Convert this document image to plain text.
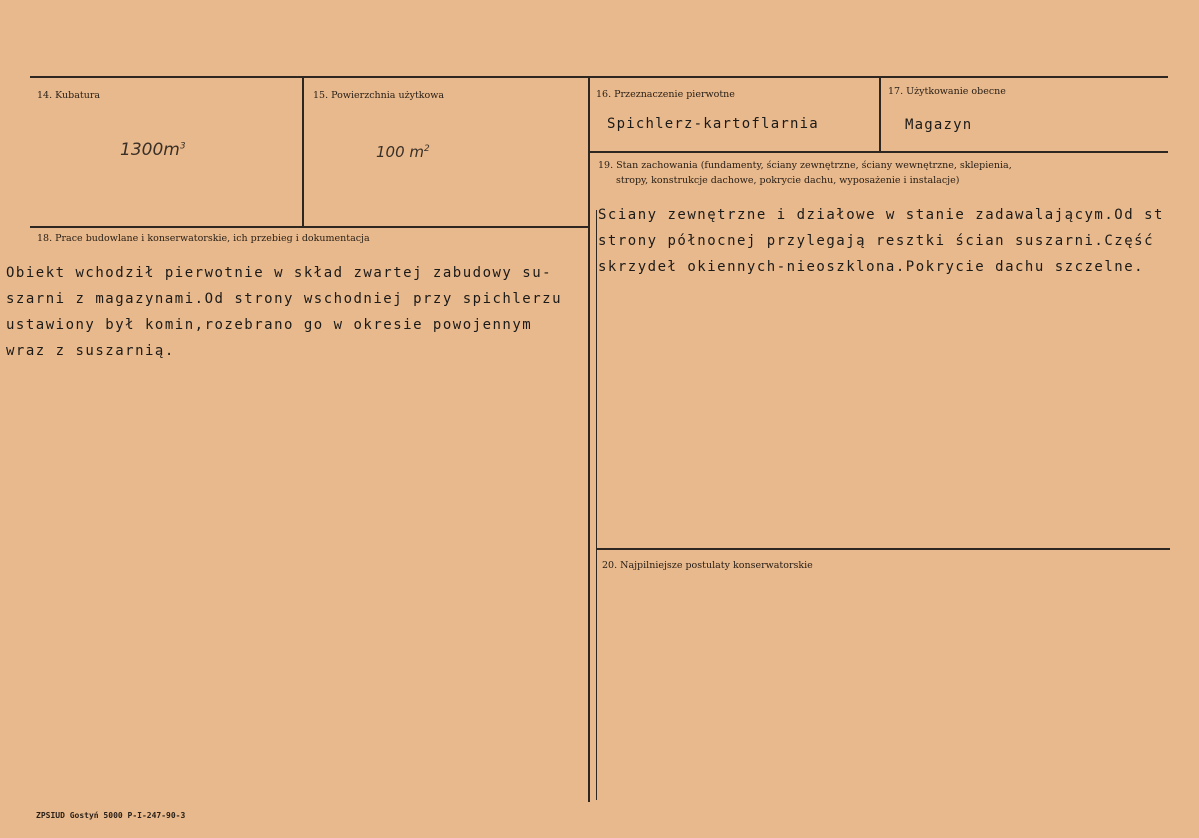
14. Kubatura
$1300m^3$
15. Powierzchnia użytkowa
100 $m^2$
16. Przeznaczenie pierwotne
Spichlerz-kartoflarnia
17. Użytkowanie obecne
Magazyn
18. Prace budowlane i konserwatorskie, ich przebieg i dokumentacja
Obiekt wchodził pierwotnie w skład zwartej zabudowy su-
szarni z magazynami.Od strony wschodniej przy spichlerzu
ustawiony był komin,rozebrano go w okresie powojennym
wraz z suszarnią.
19. Stan zachowania (fundamenty, ściany zewnętrzne, ściany wewnętrzne, sklepienia,
stropy, konstrukcje dachowe, pokrycie dachu, wyposażenie i instalacje)
Sciany zewnętrzne i działowe w stanie zadawalającym.Od st
strony północnej przylegają resztki ścian suszarni.Część
skrzydeł okiennych-nieoszklona.Pokrycie dachu szczelne.
20. Najpilniejsze postulaty konserwatorskie
ZPSIUD Gostyń 5000 P-I-247-90-3
